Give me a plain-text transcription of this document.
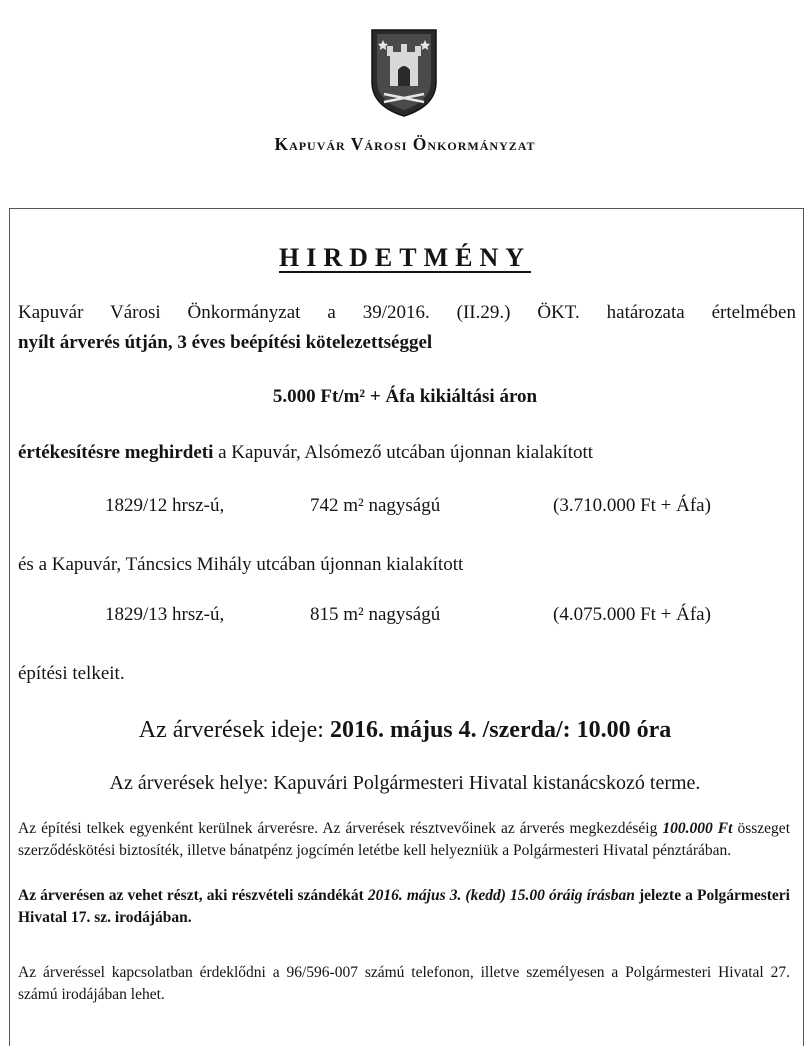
Kapuvár Városi Önkormányzat
HIRDETMÉNY
Kapuvár Városi Önkormányzat a 39/2016. (II.29.) ÖKT. határozata értelmében
nyílt árverés útján, 3 éves beépítési kötelezettséggel
5.000 Ft/m² + Áfa kikiáltási áron
értékesítésre meghirdeti a Kapuvár, Alsómező utcában újonnan kialakított
1829/12 hrsz-ú,	742 m² nagyságú	(3.710.000 Ft + Áfa)
és a Kapuvár, Táncsics Mihály utcában újonnan kialakított
1829/13 hrsz-ú,	815 m² nagyságú	(4.075.000 Ft + Áfa)
építési telkeit.
Az árverések ideje: 2016. május 4. /szerda/: 10.00 óra
Az árverések helye: Kapuvári Polgármesteri Hivatal kistanácskozó terme.
Az építési telkek egyenként kerülnek árverésre. Az árverések résztvevőinek az árverés megkezdéséig 100.000 Ft összeget szerződéskötési biztosíték, illetve bánatpénz jogcímén letétbe kell helyezniük a Polgármesteri Hivatal pénztárában.
Az árverésen az vehet részt, aki részvételi szándékát 2016. május 3. (kedd) 15.00 óráig írásban jelezte a Polgármesteri Hivatal 17. sz. irodájában.
Az árveréssel kapcsolatban érdeklődni a 96/596-007 számú telefonon, illetve személyesen a Polgármesteri Hivatal 27. számú irodájában lehet.
